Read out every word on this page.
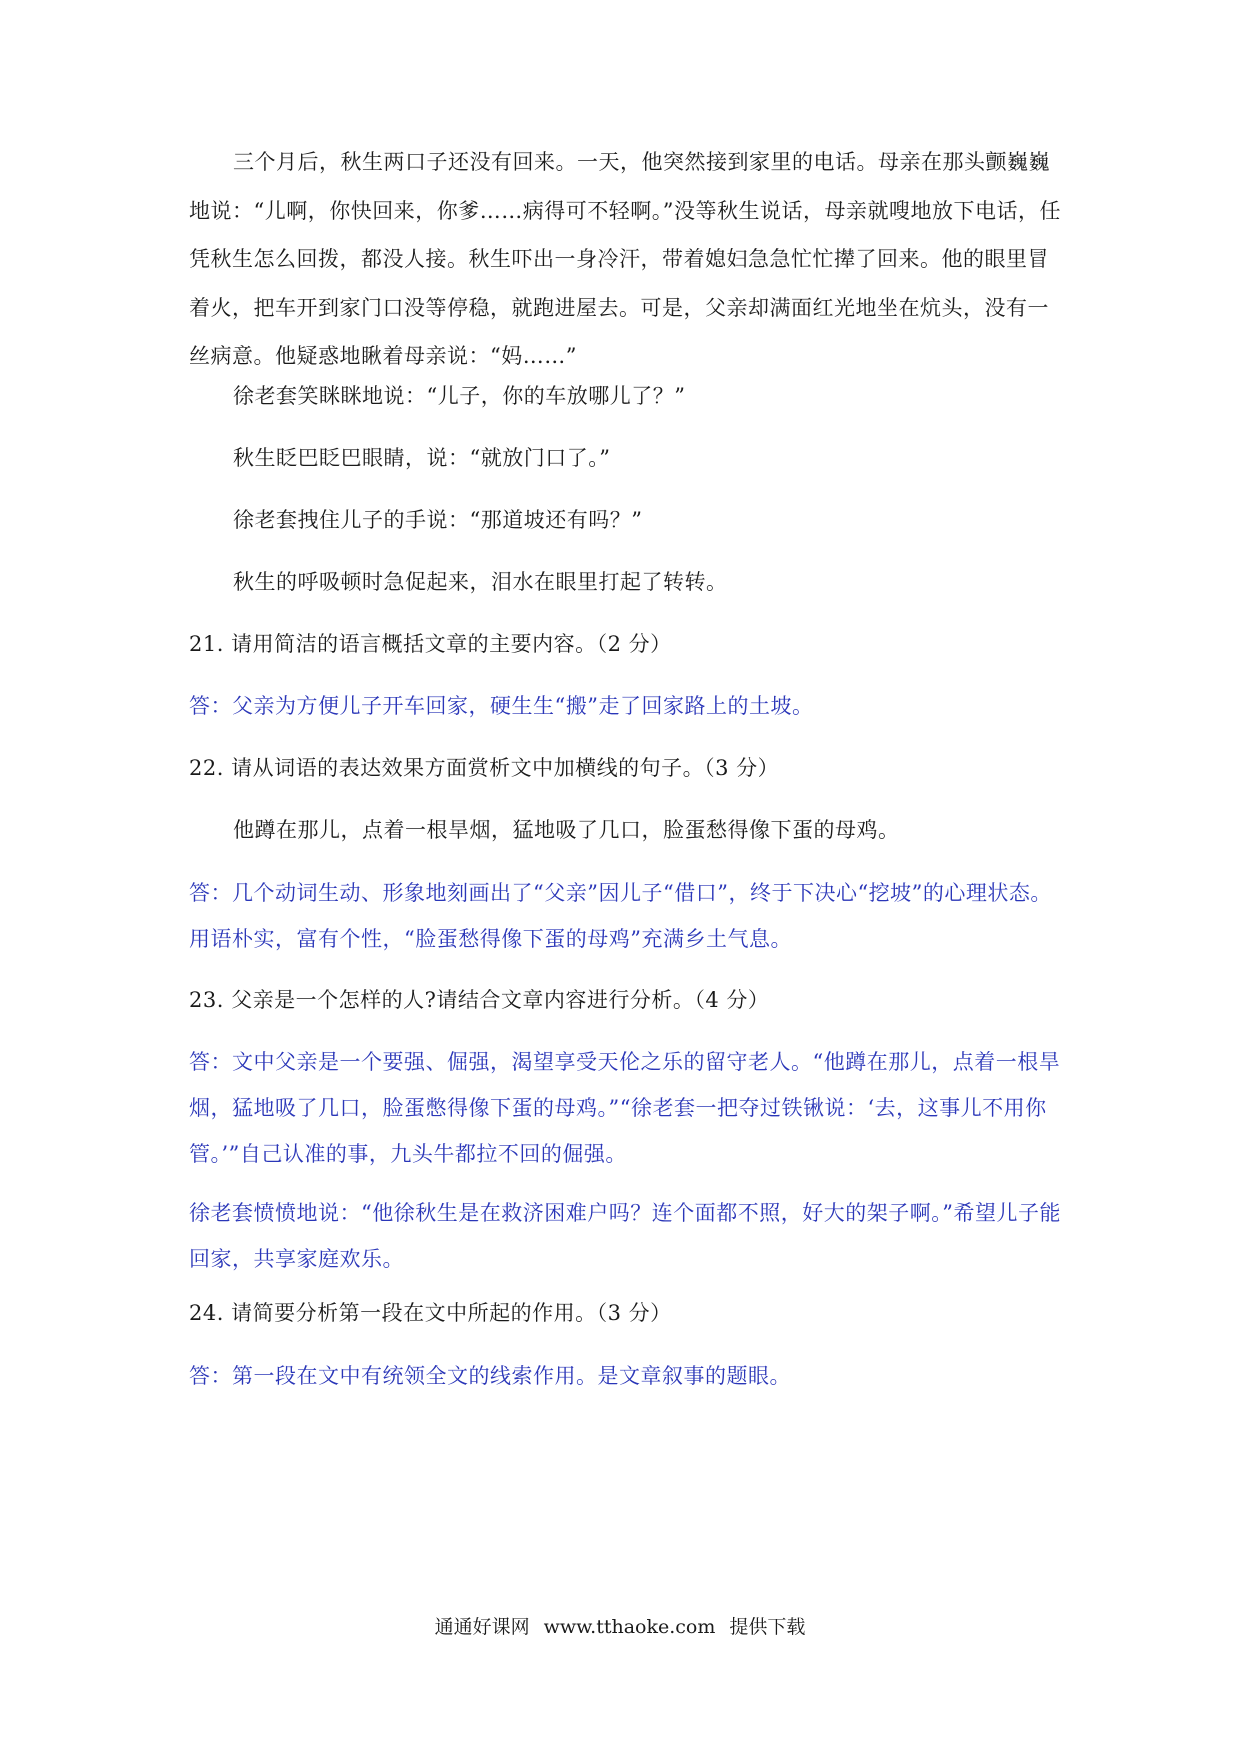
三个月后，秋生两口子还没有回来。一天，他突然接到家里的电话。母亲在那头颤巍巍地说：“儿啊，你快回来，你爹……病得可不轻啊。”没等秋生说话，母亲就嗖地放下电话，任凭秋生怎么回拨，都没人接。秋生吓出一身冷汗，带着媳妇急急忙忙撵了回来。他的眼里冒着火，把车开到家门口没等停稳，就跑进屋去。可是，父亲却满面红光地坐在炕头，没有一丝病意。他疑惑地瞅着母亲说：“妈……”
徐老套笑眯眯地说：“儿子，你的车放哪儿了？”
秋生眨巴眨巴眼睛，说：“就放门口了。”
徐老套拽住儿子的手说：“那道坡还有吗？”
秋生的呼吸顿时急促起来，泪水在眼里打起了转转。
21. 请用简洁的语言概括文章的主要内容。（2 分）
答：父亲为方便儿子开车回家，硬生生“搬”走了回家路上的土坡。
22. 请从词语的表达效果方面赏析文中加横线的句子。（3 分）
他蹲在那儿，点着一根旱烟，猛地吸了几口，脸蛋愁得像下蛋的母鸡。
答：几个动词生动、形象地刻画出了“父亲”因儿子“借口”，终于下决心“挖坡”的心理状态。用语朴实，富有个性，“脸蛋愁得像下蛋的母鸡”充满乡土气息。
23. 父亲是一个怎样的人?请结合文章内容进行分析。（4 分）
答：文中父亲是一个要强、倔强，渴望享受天伦之乐的留守老人。“他蹲在那儿，点着一根旱烟，猛地吸了几口，脸蛋憋得像下蛋的母鸡。”“徐老套一把夺过铁锹说：‘去，这事儿不用你管。’”自己认准的事，九头牛都拉不回的倔强。
徐老套愤愤地说：“他徐秋生是在救济困难户吗？连个面都不照，好大的架子啊。”希望儿子能回家，共享家庭欢乐。
24. 请简要分析第一段在文中所起的作用。（3 分）
答：第一段在文中有统领全文的线索作用。是文章叙事的题眼。
通通好课网 www.tthaoke.com 提供下载
